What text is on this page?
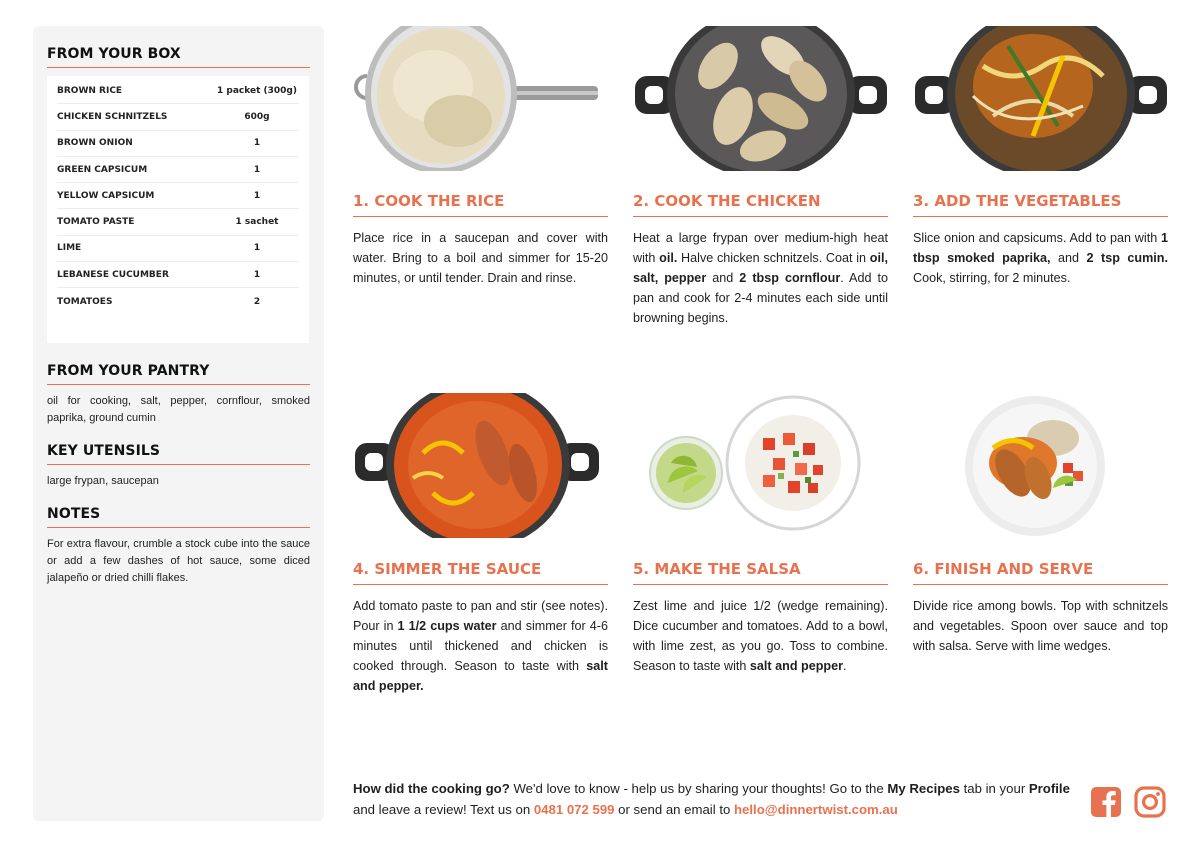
FROM YOUR BOX
BROWN RICE	1 packet (300g)
CHICKEN SCHNITZELS	600g
BROWN ONION	1
GREEN CAPSICUM	1
YELLOW CAPSICUM	1
TOMATO PASTE	1 sachet
LIME	1
LEBANESE CUCUMBER	1
TOMATOES	2
FROM YOUR PANTRY
oil for cooking, salt, pepper, cornflour, smoked paprika, ground cumin
KEY UTENSILS
large frypan, saucepan
NOTES
For extra flavour, crumble a stock cube into the sauce or add a few dashes of hot sauce, some diced jalapeño or dried chilli flakes.
1. COOK THE RICE
Place rice in a saucepan and cover with water. Bring to a boil and simmer for 15-20 minutes, or until tender. Drain and rinse.
2. COOK THE CHICKEN
Heat a large frypan over medium-high heat with oil. Halve chicken schnitzels. Coat in oil, salt, pepper and 2 tbsp cornflour. Add to pan and cook for 2-4 minutes each side until browning begins.
3. ADD THE VEGETABLES
Slice onion and capsicums. Add to pan with 1 tbsp smoked paprika, and 2 tsp cumin. Cook, stirring, for 2 minutes.
4. SIMMER THE SAUCE
Add tomato paste to pan and stir (see notes). Pour in 1 1/2 cups water and simmer for 4-6 minutes until thickened and chicken is cooked through. Season to taste with salt and pepper.
5. MAKE THE SALSA
Zest lime and juice 1/2 (wedge remaining). Dice cucumber and tomatoes. Add to a bowl, with lime zest, as you go. Toss to combine. Season to taste with salt and pepper.
6. FINISH AND SERVE
Divide rice among bowls. Top with schnitzels and vegetables. Spoon over sauce and top with salsa. Serve with lime wedges.
How did the cooking go? We'd love to know - help us by sharing your thoughts! Go to the My Recipes tab in your Profile and leave a review! Text us on 0481 072 599 or send an email to hello@dinnertwist.com.au
